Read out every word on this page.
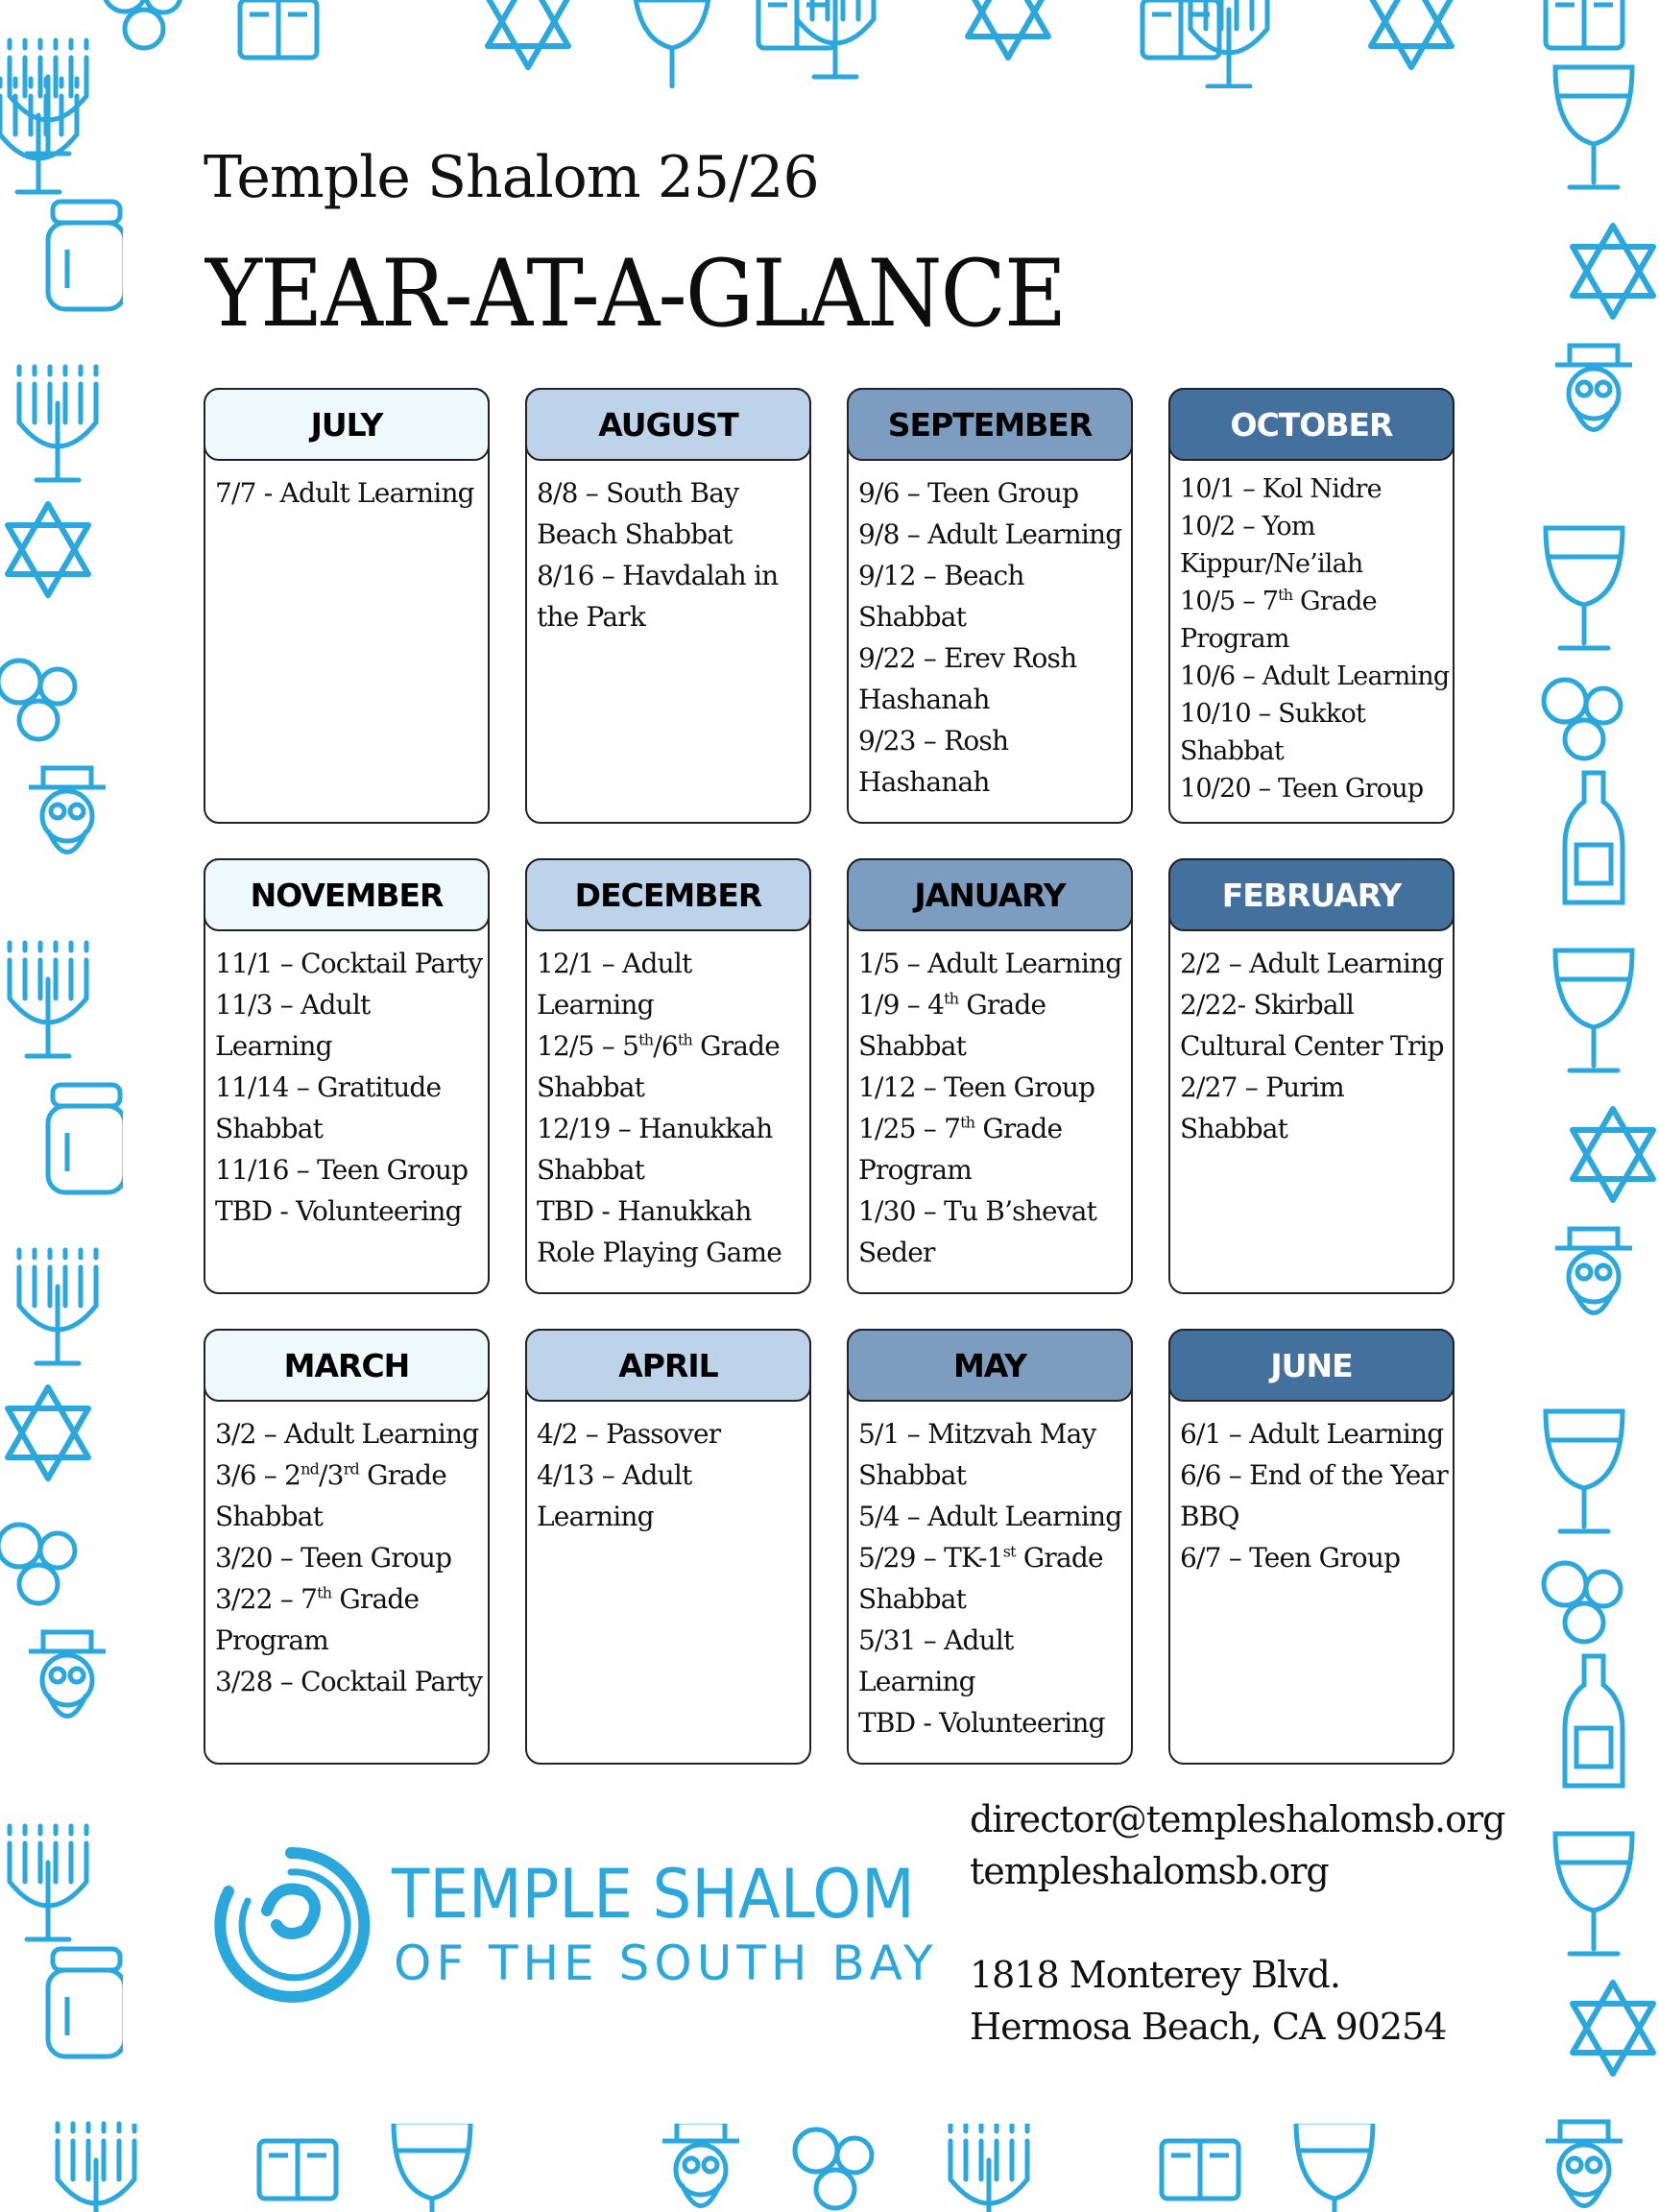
Temple Shalom 25/26
YEAR-AT-A-GLANCE
JULY
7/7 - Adult Learning
AUGUST
8/8 – South Bay Beach Shabbat
8/16 – Havdalah in the Park
SEPTEMBER
9/6 – Teen Group
9/8 – Adult Learning
9/12 – Beach Shabbat
9/22 – Erev Rosh Hashanah
9/23 – Rosh Hashanah
OCTOBER
10/1 – Kol Nidre
10/2 – Yom Kippur/Ne’ilah
10/5 – 7th Grade Program
10/6 – Adult Learning
10/10 – Sukkot Shabbat
10/20 – Teen Group
NOVEMBER
11/1 – Cocktail Party
11/3 – Adult Learning
11/14 – Gratitude Shabbat
11/16 – Teen Group
TBD - Volunteering
DECEMBER
12/1 – Adult Learning
12/5 – 5th/6th Grade Shabbat
12/19 – Hanukkah Shabbat
TBD - Hanukkah Role Playing Game
JANUARY
1/5 – Adult Learning
1/9 – 4th Grade Shabbat
1/12 – Teen Group
1/25 – 7th Grade Program
1/30 – Tu B’shevat Seder
FEBRUARY
2/2 – Adult Learning
2/22- Skirball Cultural Center Trip
2/27 – Purim Shabbat
MARCH
3/2 – Adult Learning
3/6 – 2nd/3rd Grade Shabbat
3/20 – Teen Group
3/22 – 7th Grade Program
3/28 – Cocktail Party
APRIL
4/2 – Passover
4/13 – Adult Learning
MAY
5/1 – Mitzvah May Shabbat
5/4 – Adult Learning
5/29 – TK-1st Grade Shabbat
5/31 – Adult Learning
TBD - Volunteering
JUNE
6/1 – Adult Learning
6/6 – End of the Year BBQ
6/7 – Teen Group
TEMPLE SHALOM
OF THE SOUTH BAY
director@templeshalomsb.org
templeshalomsb.org
1818 Monterey Blvd.
Hermosa Beach, CA 90254
